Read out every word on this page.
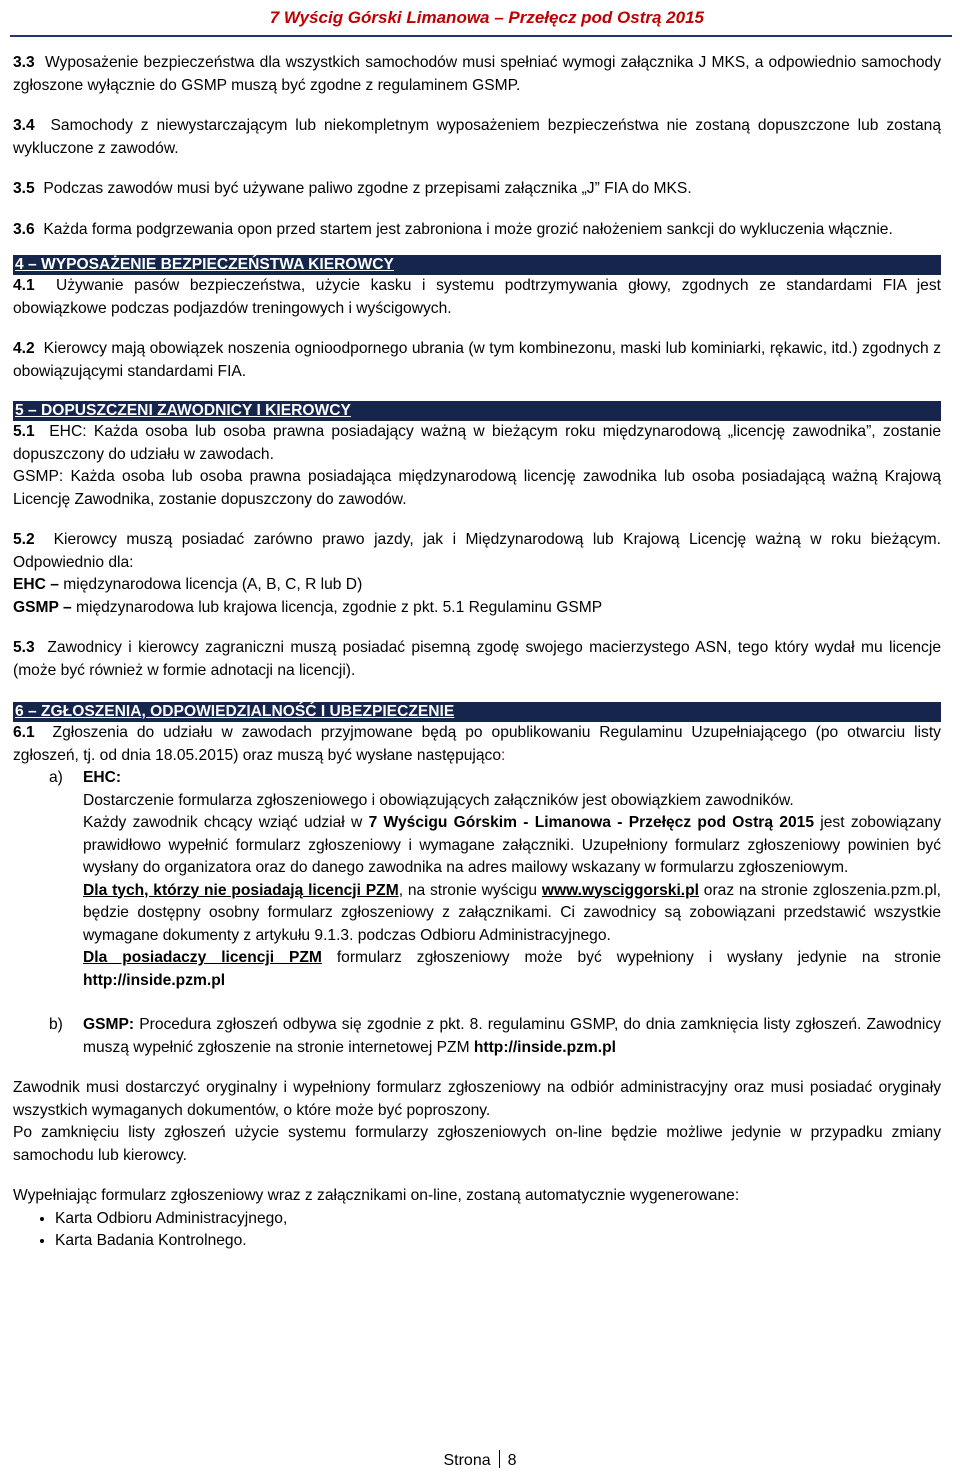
7 Wyścig Górski Limanowa – Przełęcz pod Ostrą 2015

3.3 Wyposażenie bezpieczeństwa dla wszystkich samochodów musi spełniać wymogi załącznika J MKS, a odpowiednio samochody zgłoszone wyłącznie do GSMP muszą być zgodne z regulaminem GSMP.

3.4 Samochody z niewystarczającym lub niekompletnym wyposażeniem bezpieczeństwa nie zostaną dopuszczone lub zostaną wykluczone z zawodów.

3.5 Podczas zawodów musi być używane paliwo zgodne z przepisami załącznika „J” FIA do MKS.

3.6 Każda forma podgrzewania opon przed startem jest zabroniona i może grozić nałożeniem sankcji do wykluczenia włącznie.

4 – WYPOSAŻENIE BEZPIECZEŃSTWA KIEROWCY

4.1 Używanie pasów bezpieczeństwa, użycie kasku i systemu podtrzymywania głowy, zgodnych ze standardami FIA jest obowiązkowe podczas podjazdów treningowych i wyścigowych.

4.2 Kierowcy mają obowiązek noszenia ognioodpornego ubrania (w tym kombinezonu, maski lub kominiarki, rękawic, itd.) zgodnych z obowiązującymi standardami FIA.

5 – DOPUSZCZENI ZAWODNICY I KIEROWCY

5.1 EHC: Każda osoba lub osoba prawna posiadający ważną w bieżącym roku międzynarodową „licencję zawodnika”, zostanie dopuszczony do udziału w zawodach.

GSMP: Każda osoba lub osoba prawna posiadająca międzynarodową licencję zawodnika lub osoba posiadającą ważną Krajową Licencję Zawodnika, zostanie dopuszczony do zawodów.

5.2 Kierowcy muszą posiadać zarówno prawo jazdy, jak i Międzynarodową lub Krajową Licencję ważną w roku bieżącym. Odpowiednio dla:

EHC – międzynarodowa licencja (A, B, C, R lub D)

GSMP – międzynarodowa lub krajowa licencja, zgodnie z pkt. 5.1 Regulaminu GSMP

5.3 Zawodnicy i kierowcy zagraniczni muszą posiadać pisemną zgodę swojego macierzystego ASN, tego który wydał mu licencje (może być również w formie adnotacji na licencji).

6 – ZGŁOSZENIA, ODPOWIEDZIALNOŚĆ I UBEZPIECZENIE

6.1 Zgłoszenia do udziału w zawodach przyjmowane będą po opublikowaniu Regulaminu Uzupełniającego (po otwarciu listy zgłoszeń, tj. od dnia 18.05.2015) oraz muszą być wysłane następująco:

a) EHC:

Dostarczenie formularza zgłoszeniowego i obowiązujących załączników jest obowiązkiem zawodników.

Każdy zawodnik chcący wziąć udział w 7 Wyścigu Górskim - Limanowa - Przełęcz pod Ostrą 2015 jest zobowiązany prawidłowo wypełnić formularz zgłoszeniowy i wymagane załączniki. Uzupełniony formularz zgłoszeniowy powinien być wysłany do organizatora oraz do danego zawodnika na adres mailowy wskazany w formularzu zgłoszeniowym.

Dla tych, którzy nie posiadają licencji PZM, na stronie wyścigu www.wysciggorski.pl oraz na stronie zgloszenia.pzm.pl, będzie dostępny osobny formularz zgłoszeniowy z załącznikami. Ci zawodnicy są zobowiązani przedstawić wszystkie wymagane dokumenty z artykułu 9.1.3. podczas Odbioru Administracyjnego.

Dla posiadaczy licencji PZM formularz zgłoszeniowy może być wypełniony i wysłany jedynie na stronie http://inside.pzm.pl

b) GSMP: Procedura zgłoszeń odbywa się zgodnie z pkt. 8. regulaminu GSMP, do dnia zamknięcia listy zgłoszeń. Zawodnicy muszą wypełnić zgłoszenie na stronie internetowej PZM http://inside.pzm.pl

Zawodnik musi dostarczyć oryginalny i wypełniony formularz zgłoszeniowy na odbiór administracyjny oraz musi posiadać oryginały wszystkich wymaganych dokumentów, o które może być poproszony.

Po zamknięciu listy zgłoszeń użycie systemu formularzy zgłoszeniowych on-line będzie możliwe jedynie w przypadku zmiany samochodu lub kierowcy.

Wypełniając formularz zgłoszeniowy wraz z załącznikami on-line, zostaną automatycznie wygenerowane:

• Karta Odbioru Administracyjnego,
• Karta Badania Kontrolnego.
Strona 8
